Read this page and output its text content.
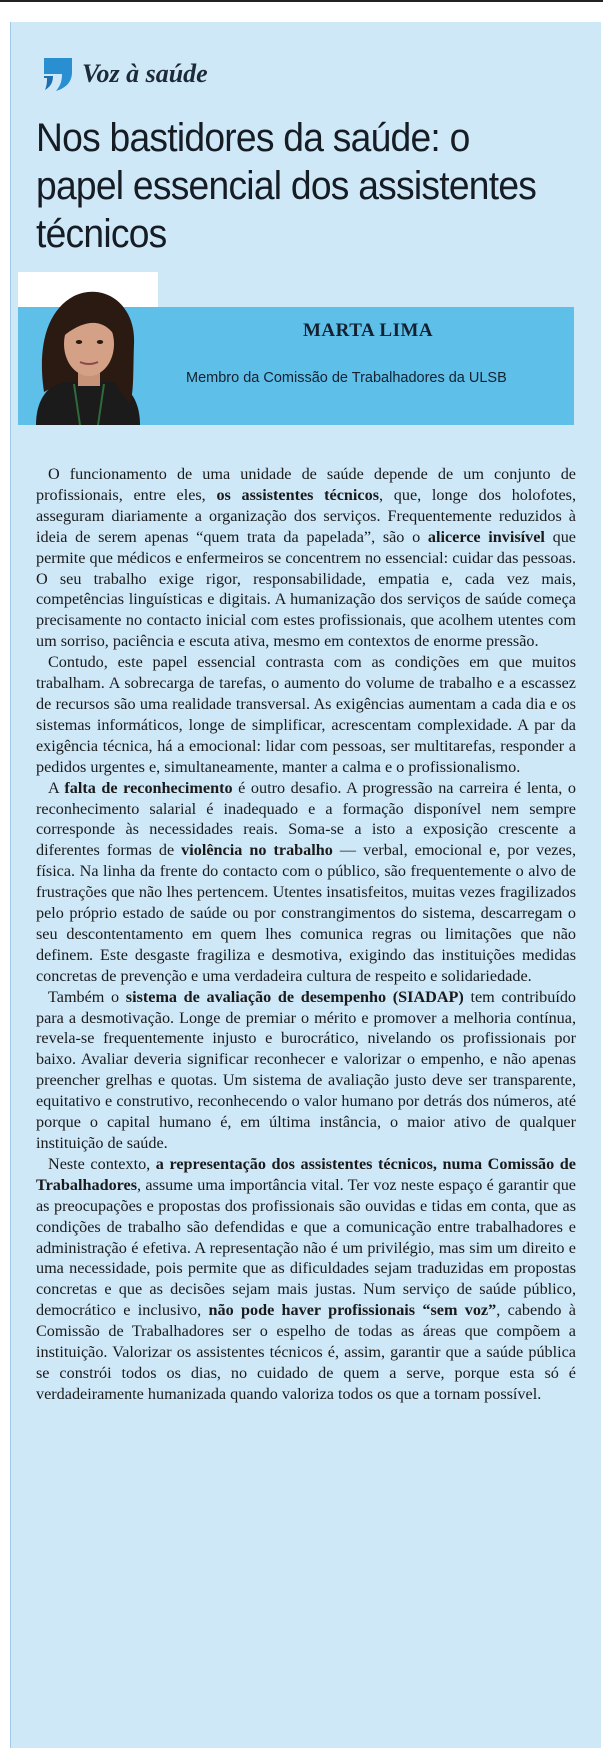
Voz à saúde
Nos bastidores da saúde: o papel essencial dos assistentes técnicos
MARTA LIMA
Membro da Comissão de Trabalhadores da ULSB

O funcionamento de uma unidade de saúde depende de um conjunto de profissionais, entre eles, os assistentes técnicos, que, longe dos holofotes, asseguram diariamente a organização dos serviços. Frequentemente reduzidos à ideia de serem apenas “quem trata da papelada”, são o alicerce invisível que permite que médicos e enfermeiros se concentrem no essencial: cuidar das pessoas. O seu trabalho exige rigor, responsabilidade, empatia e, cada vez mais, competências linguísticas e digitais. A humanização dos serviços de saúde começa precisamente no contacto inicial com estes profissionais, que acolhem utentes com um sorriso, paciência e escuta ativa, mesmo em contextos de enorme pressão.

Contudo, este papel essencial contrasta com as condições em que muitos trabalham. A sobrecarga de tarefas, o aumento do volume de trabalho e a escassez de recursos são uma realidade transversal. As exigências aumentam a cada dia e os sistemas informáticos, longe de simplificar, acrescentam complexidade. A par da exigência técnica, há a emocional: lidar com pessoas, ser multitarefas, responder a pedidos urgentes e, simultaneamente, manter a calma e o profissionalismo.

A falta de reconhecimento é outro desafio. A progressão na carreira é lenta, o reconhecimento salarial é inadequado e a formação disponível nem sempre corresponde às necessidades reais. Soma-se a isto a exposição crescente a diferentes formas de violência no trabalho — verbal, emocional e, por vezes, física. Na linha da frente do contacto com o público, são frequentemente o alvo de frustrações que não lhes pertencem. Utentes insatisfeitos, muitas vezes fragilizados pelo próprio estado de saúde ou por constrangimentos do sistema, descarregam o seu descontentamento em quem lhes comunica regras ou limitações que não definem. Este desgaste fragiliza e desmotiva, exigindo das instituições medidas concretas de prevenção e uma verdadeira cultura de respeito e solidariedade.

Também o sistema de avaliação de desempenho (SIADAP) tem contribuído para a desmotivação. Longe de premiar o mérito e promover a melhoria contínua, revela-se frequentemente injusto e burocrático, nivelando os profissionais por baixo. Avaliar deveria significar reconhecer e valorizar o empenho, e não apenas preencher grelhas e quotas. Um sistema de avaliação justo deve ser transparente, equitativo e construtivo, reconhecendo o valor humano por detrás dos números, até porque o capital humano é, em última instância, o maior ativo de qualquer instituição de saúde.

Neste contexto, a representação dos assistentes técnicos, numa Comissão de Trabalhadores, assume uma importância vital. Ter voz neste espaço é garantir que as preocupações e propostas dos profissionais são ouvidas e tidas em conta, que as condições de trabalho são defendidas e que a comunicação entre trabalhadores e administração é efetiva. A representação não é um privilégio, mas sim um direito e uma necessidade, pois permite que as dificuldades sejam traduzidas em propostas concretas e que as decisões sejam mais justas. Num serviço de saúde público, democrático e inclusivo, não pode haver profissionais “sem voz”, cabendo à Comissão de Trabalhadores ser o espelho de todas as áreas que compõem a instituição. Valorizar os assistentes técnicos é, assim, garantir que a saúde pública se constrói todos os dias, no cuidado de quem a serve, porque esta só é verdadeiramente humanizada quando valoriza todos os que a tornam possível.
